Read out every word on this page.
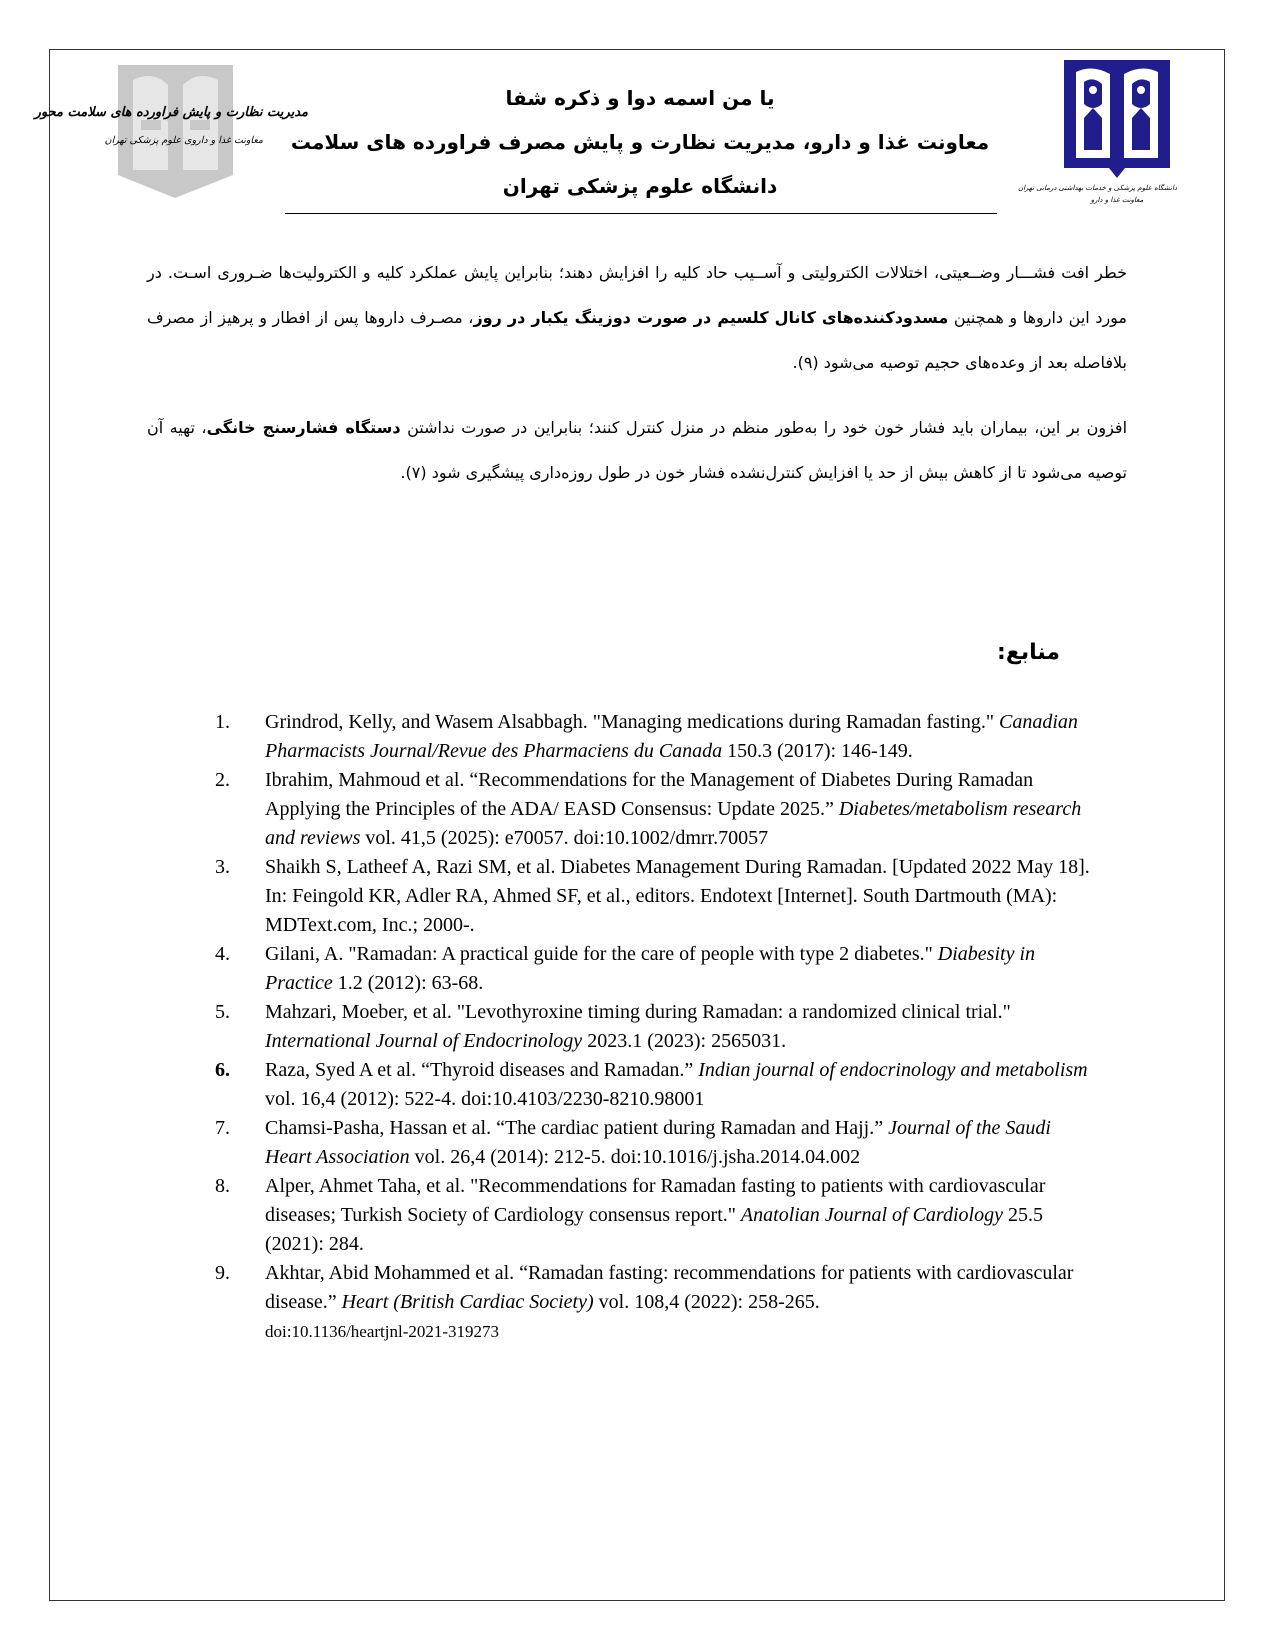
مدیریت نظارت و پایش فراورده های سلامت محور
معاونت غذا و داروی علوم پزشکی تهران
یا من اسمه دوا و ذکره شفا
معاونت غذا و دارو، مدیریت نظارت و پایش مصرف فراورده های سلامت
دانشگاه علوم پزشکی تهران	دانشگاه علوم پزشکی و خدمات بهداشتی درمانی تهران
معاونت غذا و دارو
خطر افت فشـــار وضــعیتی، اختلالات الکترولیتی و آســیب حاد کلیه را افزایش دهند؛ بنابراین پایش عملکرد کلیه و الکترولیت‌ها ضـروری اسـت. در مورد این داروها و همچنین مسدودکننده‌های کانال کلسیم در صورت دوزینگ یکبار در روز، مصـرف داروها پس از افطار و پرهیز از مصرف بلافاصله بعد از وعده‌های حجیم توصیه می‌شود (۹).
افزون بر این، بیماران باید فشار خون خود را به‌طور منظم در منزل کنترل کنند؛ بنابراین در صورت نداشتن دستگاه فشارسنج خانگی، تهیه آن توصیه می‌شود تا از کاهش بیش از حد یا افزایش کنترل‌نشده فشار خون در طول روزه‌داری پیشگیری شود (۷).
منابع:
1. Grindrod, Kelly, and Wasem Alsabbagh. "Managing medications during Ramadan fasting." Canadian Pharmacists Journal/Revue des Pharmaciens du Canada 150.3 (2017): 146-149.
2. Ibrahim, Mahmoud et al. “Recommendations for the Management of Diabetes During Ramadan Applying the Principles of the ADA/ EASD Consensus: Update 2025.” Diabetes/metabolism research and reviews vol. 41,5 (2025): e70057. doi:10.1002/dmrr.70057
3. Shaikh S, Latheef A, Razi SM, et al. Diabetes Management During Ramadan. [Updated 2022 May 18]. In: Feingold KR, Adler RA, Ahmed SF, et al., editors. Endotext [Internet]. South Dartmouth (MA): MDText.com, Inc.; 2000-.
4. Gilani, A. "Ramadan: A practical guide for the care of people with type 2 diabetes." Diabesity in Practice 1.2 (2012): 63-68.
5. Mahzari, Moeber, et al. "Levothyroxine timing during Ramadan: a randomized clinical trial." International Journal of Endocrinology 2023.1 (2023): 2565031.
6. Raza, Syed A et al. “Thyroid diseases and Ramadan.” Indian journal of endocrinology and metabolism vol. 16,4 (2012): 522-4. doi:10.4103/2230-8210.98001
7. Chamsi-Pasha, Hassan et al. “The cardiac patient during Ramadan and Hajj.” Journal of the Saudi Heart Association vol. 26,4 (2014): 212-5. doi:10.1016/j.jsha.2014.04.002
8. Alper, Ahmet Taha, et al. "Recommendations for Ramadan fasting to patients with cardiovascular diseases; Turkish Society of Cardiology consensus report." Anatolian Journal of Cardiology 25.5 (2021): 284.
9. Akhtar, Abid Mohammed et al. “Ramadan fasting: recommendations for patients with cardiovascular disease.” Heart (British Cardiac Society) vol. 108,4 (2022): 258-265.
doi:10.1136/heartjnl-2021-319273
